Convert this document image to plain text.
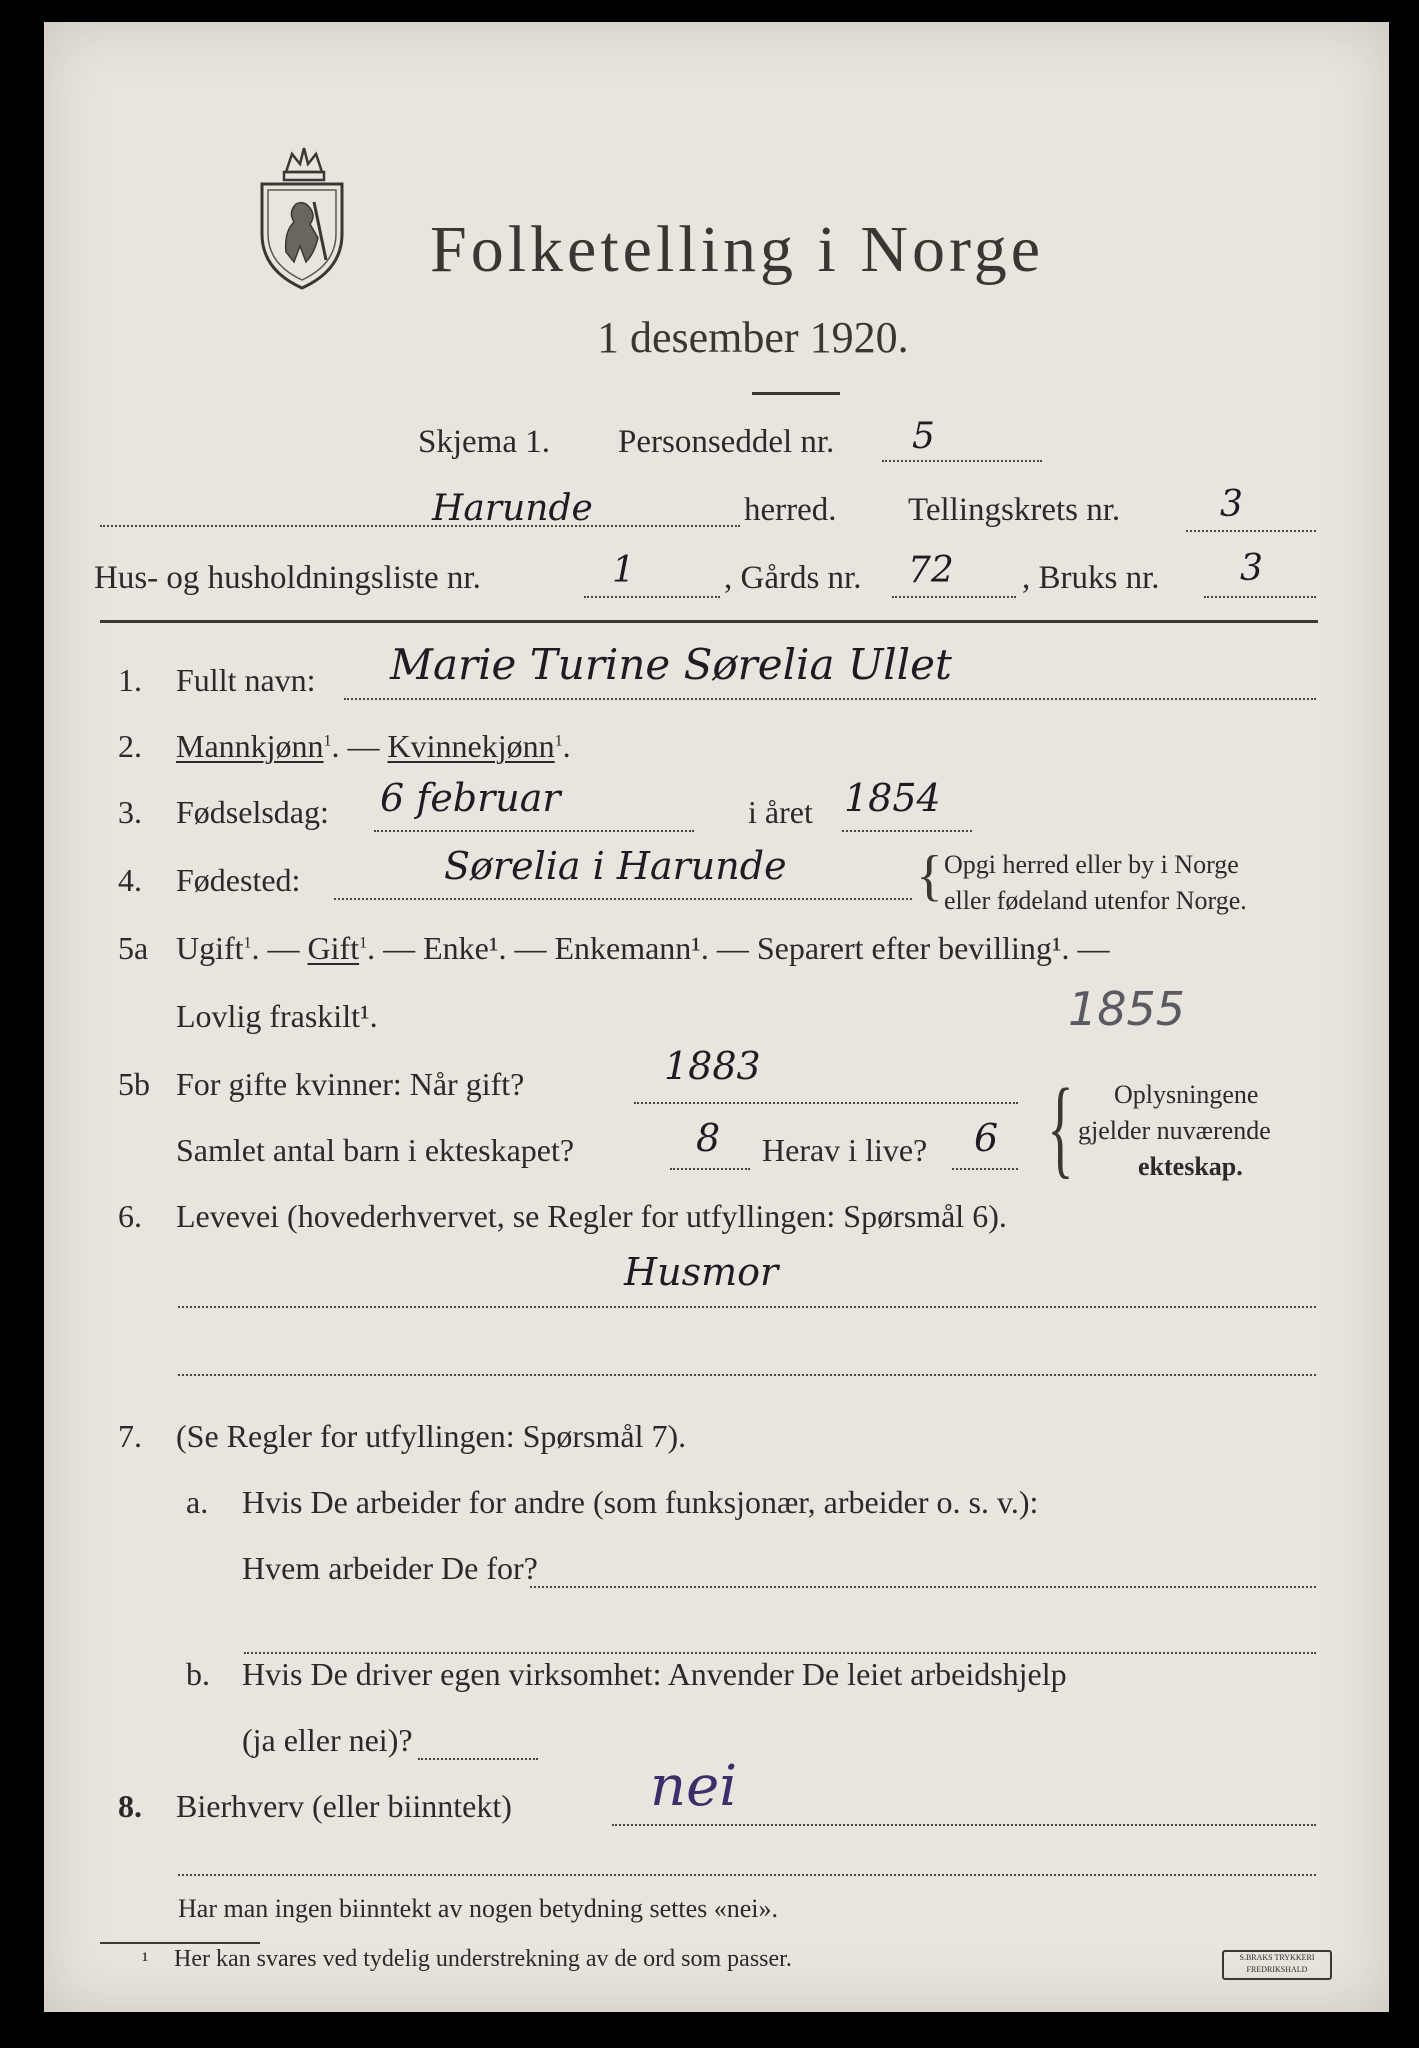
Folketelling i Norge
1 desember 1920.
Skjema 1. Personseddel nr. 5
Harunde	herred. Tellingskrets nr.	3
Hus- og husholdningsliste nr.	1	, Gårds nr. 72 , Bruks nr. 3
1. Fullt navn: Marie Turine Sørelia Ullet
2. Mannkjønn$^1$. — Kvinnekjønn$^1$.
3. Fødselsdag: 6 februar	i året 1854
4. Fødested:	Sørelia i Harunde { Opgi herred eller by i Norge
eller fødeland utenfor Norge.
5a Ugift$^1$. — Gift$^1$. — Enke¹. — Enkemann¹. — Separert efter bevilling¹. —
Lovlig fraskilt¹.	1855
5b For gifte kvinner: Når gift?	1883
Samlet antal barn i ekteskapet?	8 Herav i live? 6 { Oplysningene
gjelder nuværende
ekteskap.
6. Levevei (hovederhvervet, se Regler for utfyllingen: Spørsmål 6).
Husmor
7. (Se Regler for utfyllingen: Spørsmål 7).
a. Hvis De arbeider for andre (som funksjonær, arbeider o. s. v.):
Hvem arbeider De for?
b. Hvis De driver egen virksomhet: Anvender De leiet arbeidshjelp
(ja eller nei)?
8. Bierhverv (eller biinntekt) nei
Har man ingen biinntekt av nogen betydning settes «nei».
¹ Her kan svares ved tydelig understrekning av de ord som passer.	S.BRAKS TRYKKERI FREDRIKSHALD
